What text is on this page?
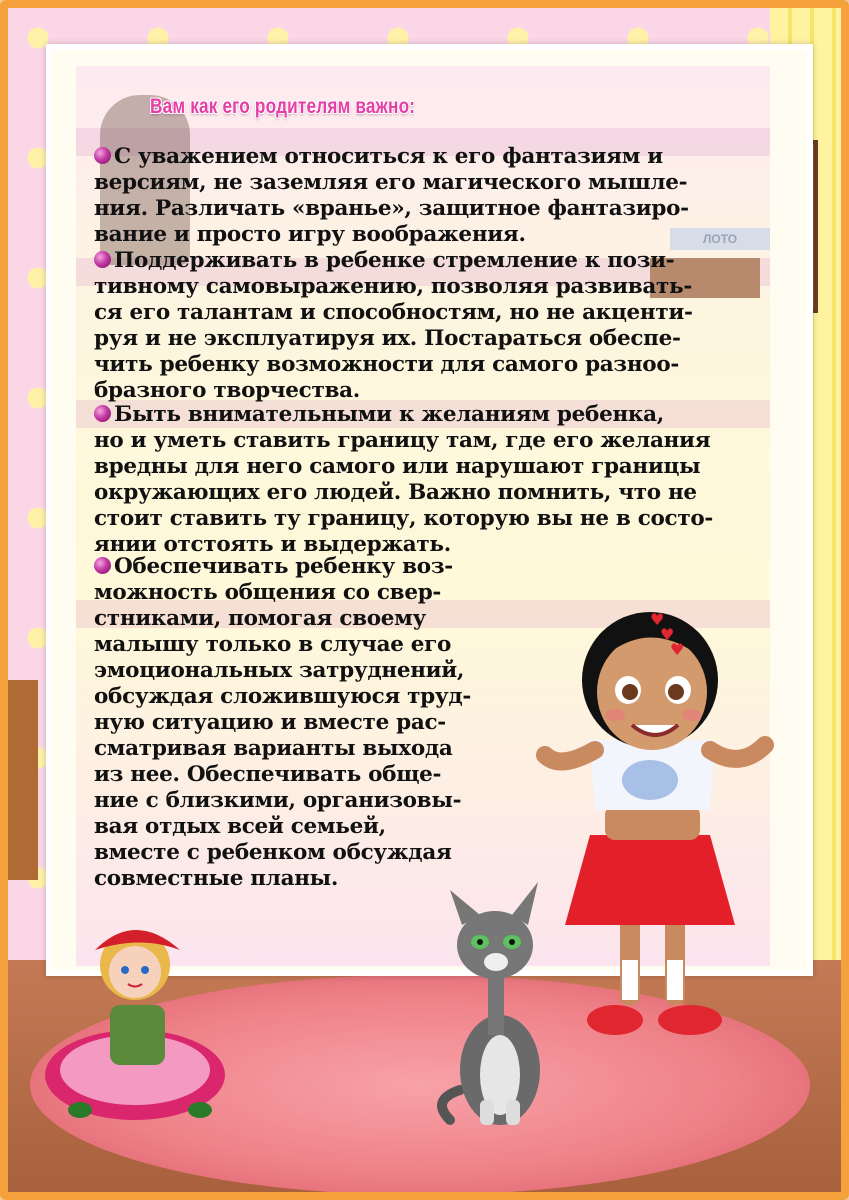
ЛОТО
Вам как его родителям важно:

С уважением относиться к его фантазиям и
версиям, не заземляя его магического мышле-
ния. Различать «вранье», защитное фантазиро-
вание и просто игру воображения.

Поддерживать в ребенке стремление к пози-
тивному самовыражению, позволяя развивать-
ся его талантам и способностям, но не акценти-
руя и не эксплуатируя их. Постараться обеспе-
чить ребенку возможности для самого разнoo-
бразного творчества.

Быть внимательными к желаниям ребенка,
но и уметь ставить границу там, где его желания
вредны для него самого или нарушают границы
окружающих его людей. Важно помнить, что не
стоит ставить ту границу, которую вы не в состо-
янии отстоять и выдержать.

Обеспечивать ребенку воз-
можность общения со свер-
стниками, помогая своему
малышу только в случае его
эмоциональных затруднений,
обсуждая сложившуюся труд-
ную ситуацию и вместе рас-
сматривая варианты выхода
из нее. Обеспечивать обще-
ние с близкими, организовы-
вая отдых всей семьей,
вместе с ребенком обсуждая
совместные планы.

♥
♥
♥
